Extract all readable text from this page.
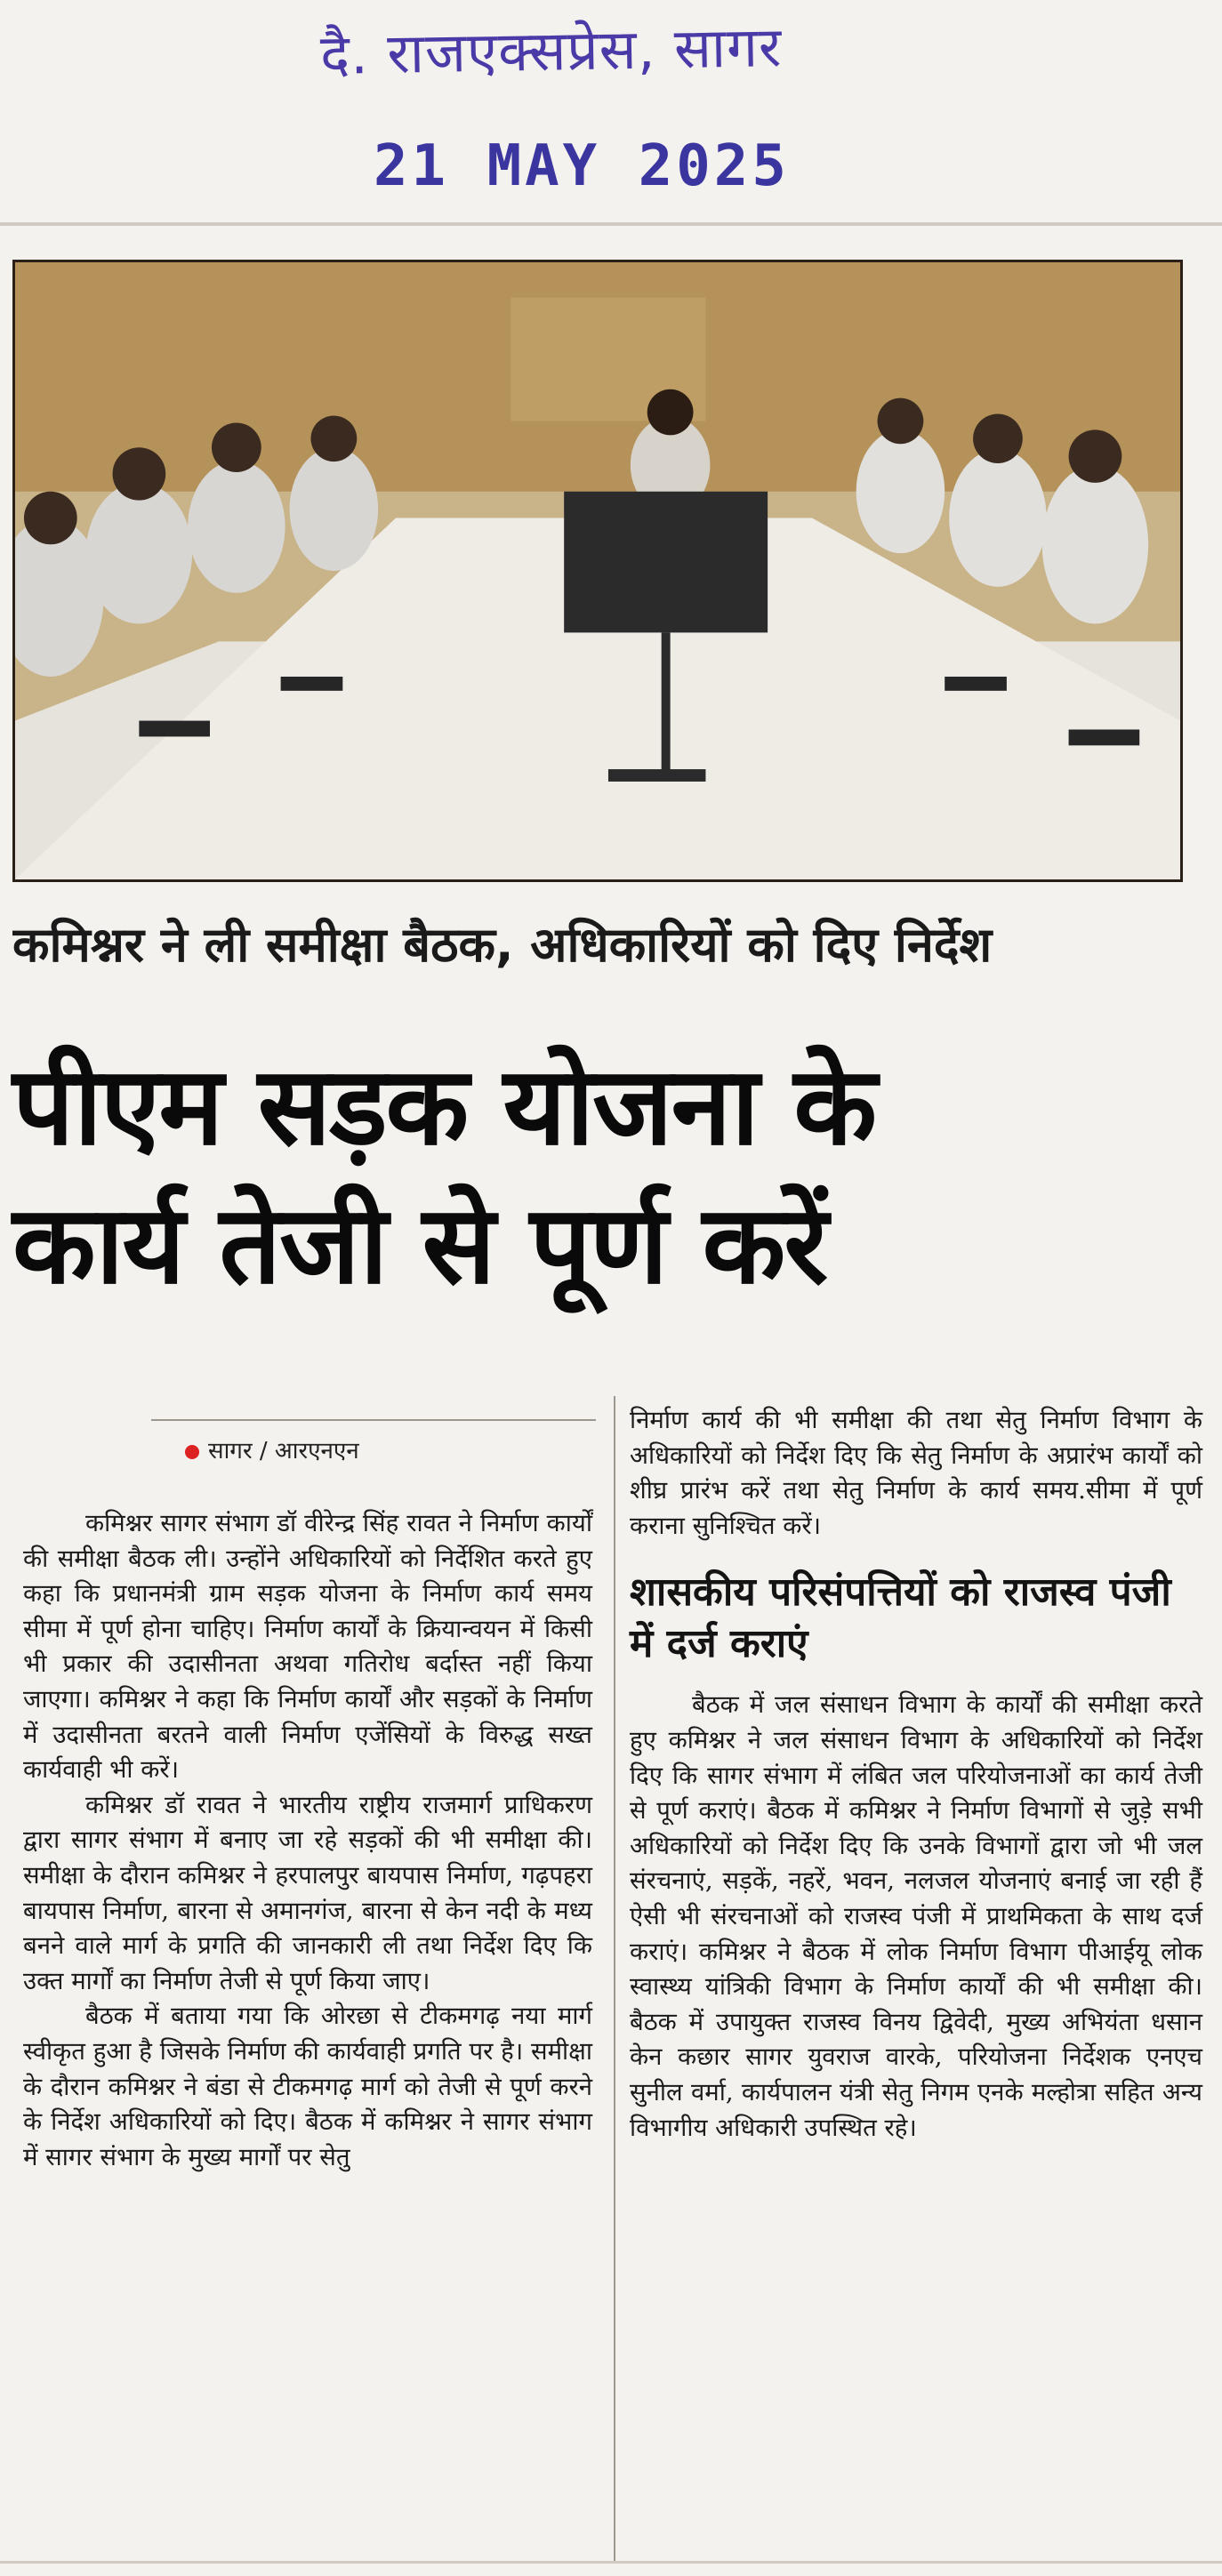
दै. राजएक्सप्रेस, सागर
21 MAY 2025
कमिश्नर ने ली समीक्षा बैठक, अधिकारियों को दिए निर्देश
पीएम सड़क योजना के
कार्य तेजी से पूर्ण करें
सागर / आरएनएन

कमिश्नर सागर संभाग डॉ वीरेन्द्र सिंह रावत ने निर्माण कार्यों की समीक्षा बैठक ली। उन्होंने अधिकारियों को निर्देशित करते हुए कहा कि प्रधानमंत्री ग्राम सड़क योजना के निर्माण कार्य समय सीमा में पूर्ण होना चाहिए। निर्माण कार्यों के क्रियान्वयन में किसी भी प्रकार की उदासीनता अथवा गतिरोध बर्दास्त नहीं किया जाएगा। कमिश्नर ने कहा कि निर्माण कार्यों और सड़कों के निर्माण में उदासीनता बरतने वाली निर्माण एजेंसियों के विरुद्ध सख्त कार्यवाही भी करें।

कमिश्नर डॉ रावत ने भारतीय राष्ट्रीय राजमार्ग प्राधिकरण द्वारा सागर संभाग में बनाए जा रहे सड़कों की भी समीक्षा की। समीक्षा के दौरान कमिश्नर ने हरपालपुर बायपास निर्माण, गढ़पहरा बायपास निर्माण, बारना से अमानगंज, बारना से केन नदी के मध्य बनने वाले मार्ग के प्रगति की जानकारी ली तथा निर्देश दिए कि उक्त मार्गों का निर्माण तेजी से पूर्ण किया जाए।

बैठक में बताया गया कि ओरछा से टीकमगढ़ नया मार्ग स्वीकृत हुआ है जिसके निर्माण की कार्यवाही प्रगति पर है। समीक्षा के दौरान कमिश्नर ने बंडा से टीकमगढ़ मार्ग को तेजी से पूर्ण करने के निर्देश अधिकारियों को दिए। बैठक में कमिश्नर ने सागर संभाग में सागर संभाग के मुख्य मार्गों पर सेतु

निर्माण कार्य की भी समीक्षा की तथा सेतु निर्माण विभाग के अधिकारियों को निर्देश दिए कि सेतु निर्माण के अप्रारंभ कार्यों को शीघ्र प्रारंभ करें तथा सेतु निर्माण के कार्य समय.सीमा में पूर्ण कराना सुनिश्चित करें।

शासकीय परिसंपत्तियों को राजस्व पंजी में दर्ज कराएं

बैठक में जल संसाधन विभाग के कार्यों की समीक्षा करते हुए कमिश्नर ने जल संसाधन विभाग के अधिकारियों को निर्देश दिए कि सागर संभाग में लंबित जल परियोजनाओं का कार्य तेजी से पूर्ण कराएं। बैठक में कमिश्नर ने निर्माण विभागों से जुड़े सभी अधिकारियों को निर्देश दिए कि उनके विभागों द्वारा जो भी जल संरचनाएं, सड़कें, नहरें, भवन, नलजल योजनाएं बनाई जा रही हैं ऐसी भी संरचनाओं को राजस्व पंजी में प्राथमिकता के साथ दर्ज कराएं। कमिश्नर ने बैठक में लोक निर्माण विभाग पीआईयू लोक स्वास्थ्य यांत्रिकी विभाग के निर्माण कार्यों की भी समीक्षा की। बैठक में उपायुक्त राजस्व विनय द्विवेदी, मुख्य अभियंता धसान केन कछार सागर युवराज वारके, परियोजना निर्देशक एनएच सुनील वर्मा, कार्यपालन यंत्री सेतु निगम एनके मल्होत्रा सहित अन्य विभागीय अधिकारी उपस्थित रहे।
